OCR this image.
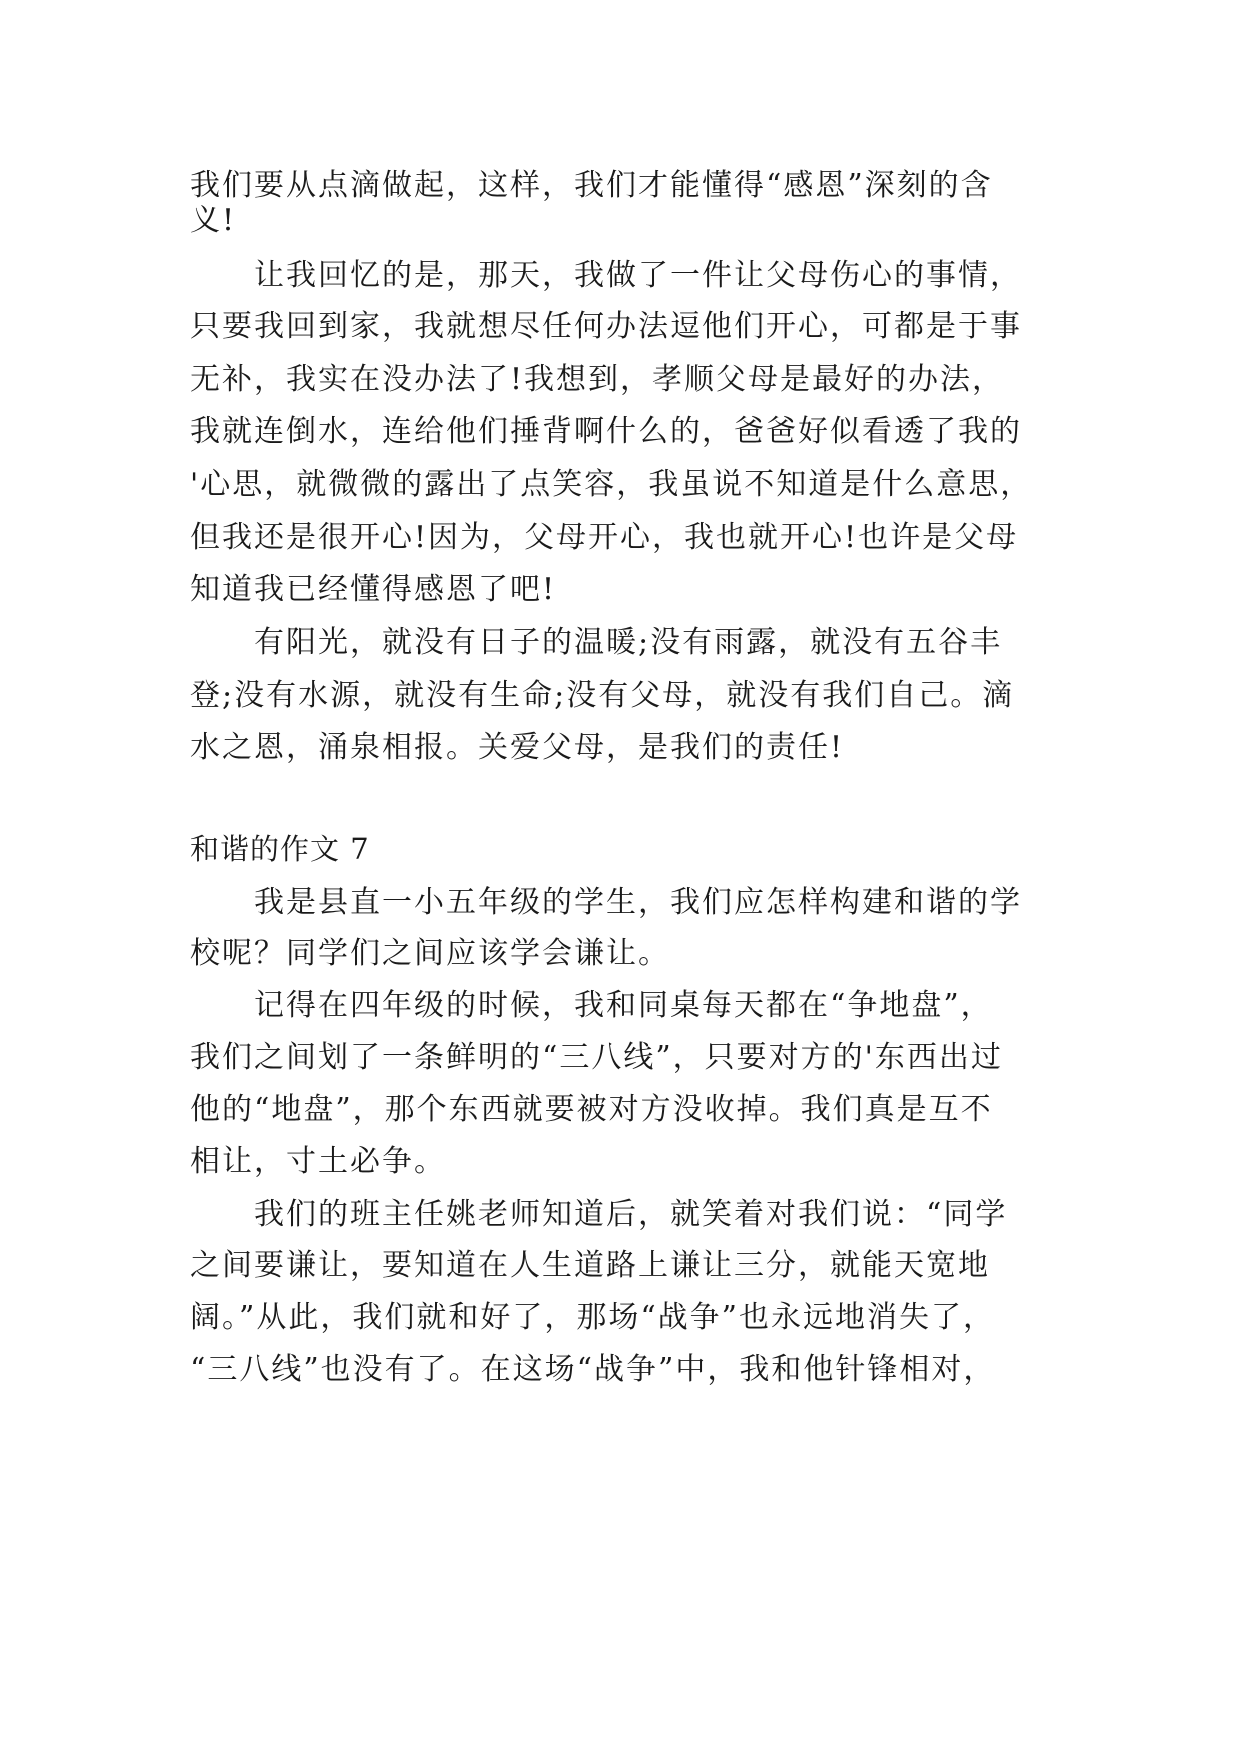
我们要从点滴做起，这样，我们才能懂得“感恩”深刻的含
义!
让我回忆的是，那天，我做了一件让父母伤心的事情，
只要我回到家，我就想尽任何办法逗他们开心，可都是于事
无补，我实在没办法了!我想到，孝顺父母是最好的办法，
我就连倒水，连给他们捶背啊什么的，爸爸好似看透了我的
'心思，就微微的露出了点笑容，我虽说不知道是什么意思，
但我还是很开心!因为，父母开心，我也就开心!也许是父母
知道我已经懂得感恩了吧!
有阳光，就没有日子的温暖;没有雨露，就没有五谷丰
登;没有水源，就没有生命;没有父母，就没有我们自己。滴
水之恩，涌泉相报。关爱父母，是我们的责任!
和谐的作文 7
我是县直一小五年级的学生，我们应怎样构建和谐的学
校呢？同学们之间应该学会谦让。
记得在四年级的时候，我和同桌每天都在“争地盘”，
我们之间划了一条鲜明的“三八线”，只要对方的'东西出过
他的“地盘”，那个东西就要被对方没收掉。我们真是互不
相让，寸土必争。
我们的班主任姚老师知道后，就笑着对我们说：“同学
之间要谦让，要知道在人生道路上谦让三分，就能天宽地
阔。”从此，我们就和好了，那场“战争”也永远地消失了，
“三八线”也没有了。在这场“战争”中，我和他针锋相对，
